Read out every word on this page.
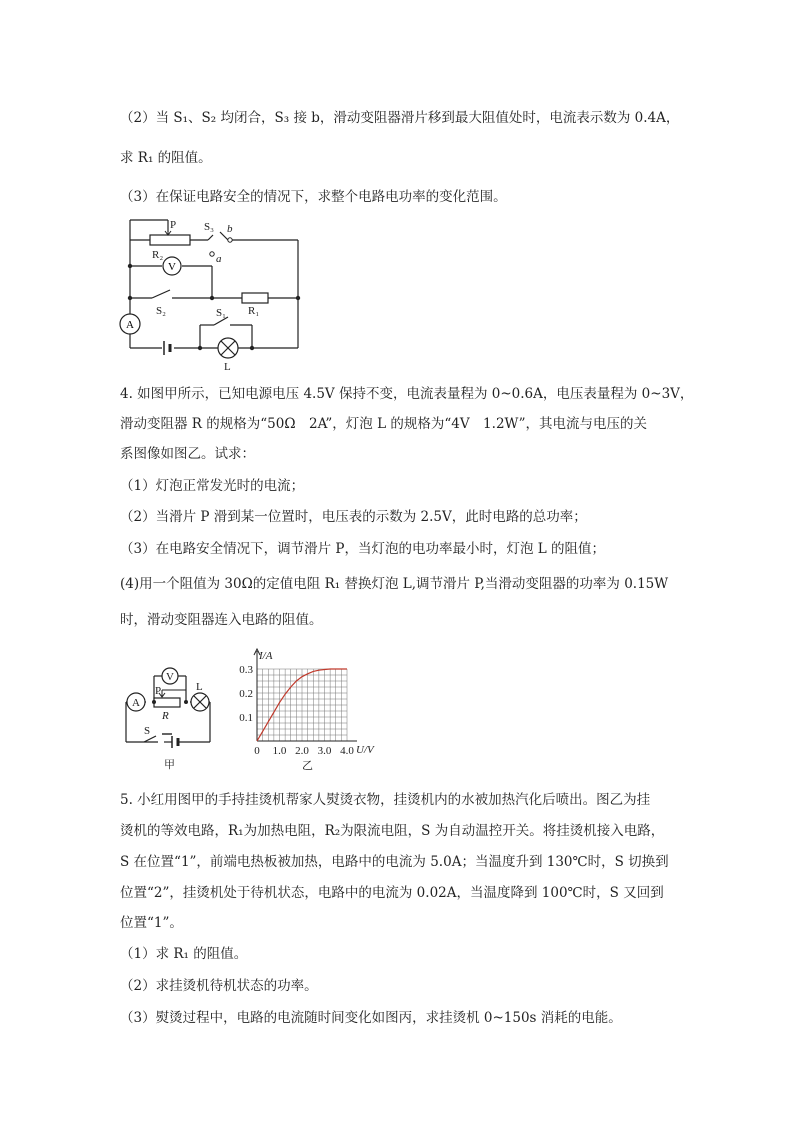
（2）当 S₁、S₂ 均闭合，S₃ 接 b，滑动变阻器滑片移到最大阻值处时，电流表示数为 0.4A，
求 R₁ 的阻值。
（3）在保证电路安全的情况下，求整个电路电功率的变化范围。
V
A
P
R₂
S₃ b
a
S₂	R₁
S₁
L
4. 如图甲所示，已知电源电压 4.5V 保持不变，电流表量程为 0~0.6A，电压表量程为 0~3V，
滑动变阻器 R 的规格为“50Ω　2A”，灯泡 L 的规格为“4V　1.2W”，其电流与电压的关
系图像如图乙。试求：
（1）灯泡正常发光时的电流；
（2）当滑片 P 滑到某一位置时，电压表的示数为 2.5V，此时电路的总功率；
（3）在电路安全情况下，调节滑片 P，当灯泡的电功率最小时，灯泡 L 的阻值；
(4)用一个阻值为 30Ω的定值电阻 R₁ 替换灯泡 L,调节滑片 P,当滑动变阻器的功率为 0.15W
时，滑动变阻器连入电路的阻值。
V
A
P	L
R
S
甲
0 1.0 2.0 3.0 4.0
0.1
0.2
0.3
I/A
U/V
乙
5. 小红用图甲的手持挂烫机帮家人熨烫衣物，挂烫机内的水被加热汽化后喷出。图乙为挂
烫机的等效电路，R₁为加热电阻，R₂为限流电阻，S 为自动温控开关。将挂烫机接入电路，
S 在位置“1”，前端电热板被加热，电路中的电流为 5.0A；当温度升到 130℃时，S 切换到
位置“2”，挂烫机处于待机状态，电路中的电流为 0.02A，当温度降到 100℃时，S 又回到
位置“1”。
（1）求 R₁ 的阻值。
（2）求挂烫机待机状态的功率。
（3）熨烫过程中，电路的电流随时间变化如图丙，求挂烫机 0~150s 消耗的电能。
